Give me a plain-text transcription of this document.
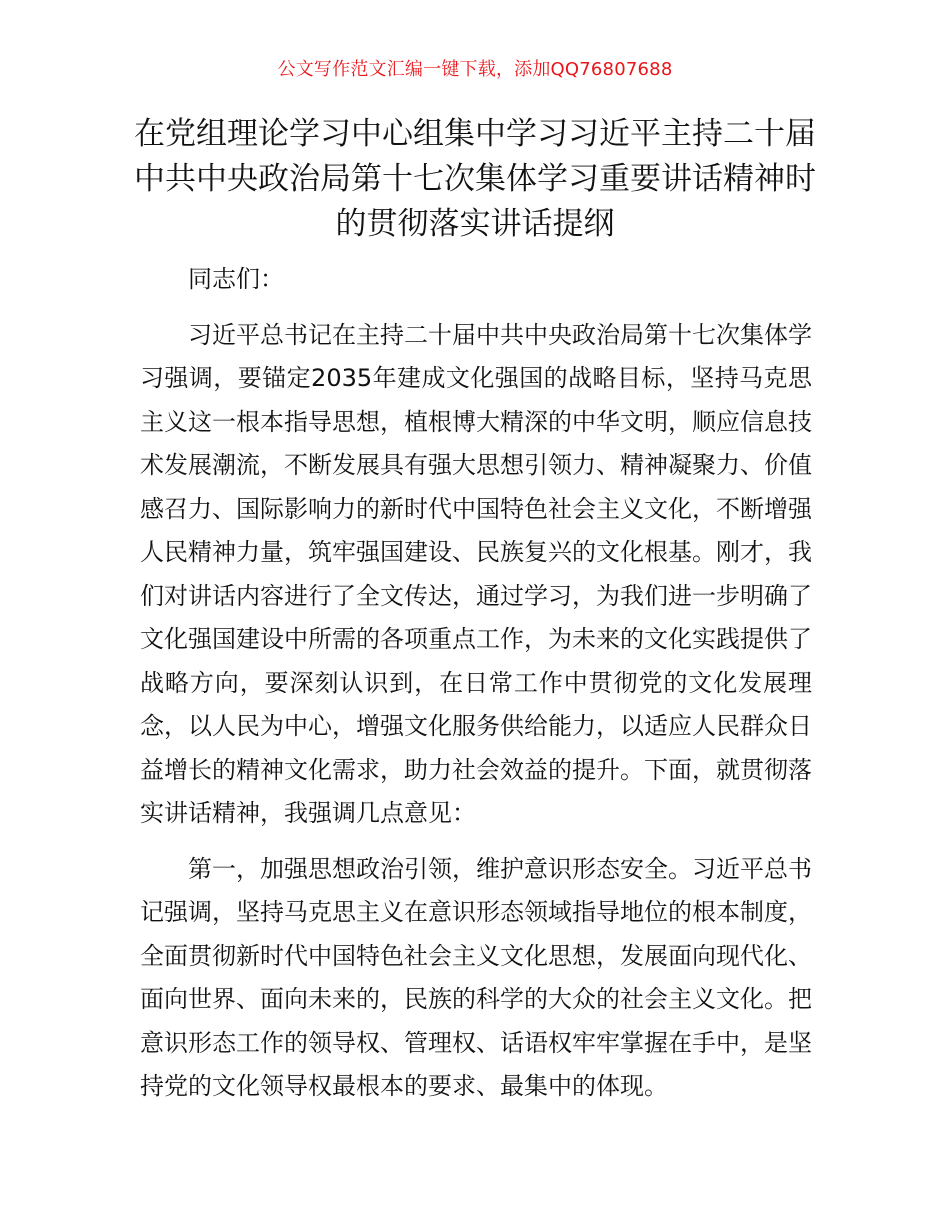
公文写作范文汇编一键下载，添加QQ76807688
在党组理论学习中心组集中学习习近平主持二十届中共中央政治局第十七次集体学习重要讲话精神时的贯彻落实讲话提纲

同志们：

习近平总书记在主持二十届中共中央政治局第十七次集体学习强调，要锚定2035年建成文化强国的战略目标，坚持马克思主义这一根本指导思想，植根博大精深的中华文明，顺应信息技术发展潮流，不断发展具有强大思想引领力、精神凝聚力、价值感召力、国际影响力的新时代中国特色社会主义文化，不断增强人民精神力量，筑牢强国建设、民族复兴的文化根基。刚才，我们对讲话内容进行了全文传达，通过学习，为我们进一步明确了文化强国建设中所需的各项重点工作，为未来的文化实践提供了战略方向，要深刻认识到，在日常工作中贯彻党的文化发展理念，以人民为中心，增强文化服务供给能力，以适应人民群众日益增长的精神文化需求，助力社会效益的提升。下面，就贯彻落实讲话精神，我强调几点意见：

第一，加强思想政治引领，维护意识形态安全。习近平总书记强调，坚持马克思主义在意识形态领域指导地位的根本制度，全面贯彻新时代中国特色社会主义文化思想，发展面向现代化、面向世界、面向未来的，民族的科学的大众的社会主义文化。把意识形态工作的领导权、管理权、话语权牢牢掌握在手中，是坚持党的文化领导权最根本的要求、最集中的体现。
